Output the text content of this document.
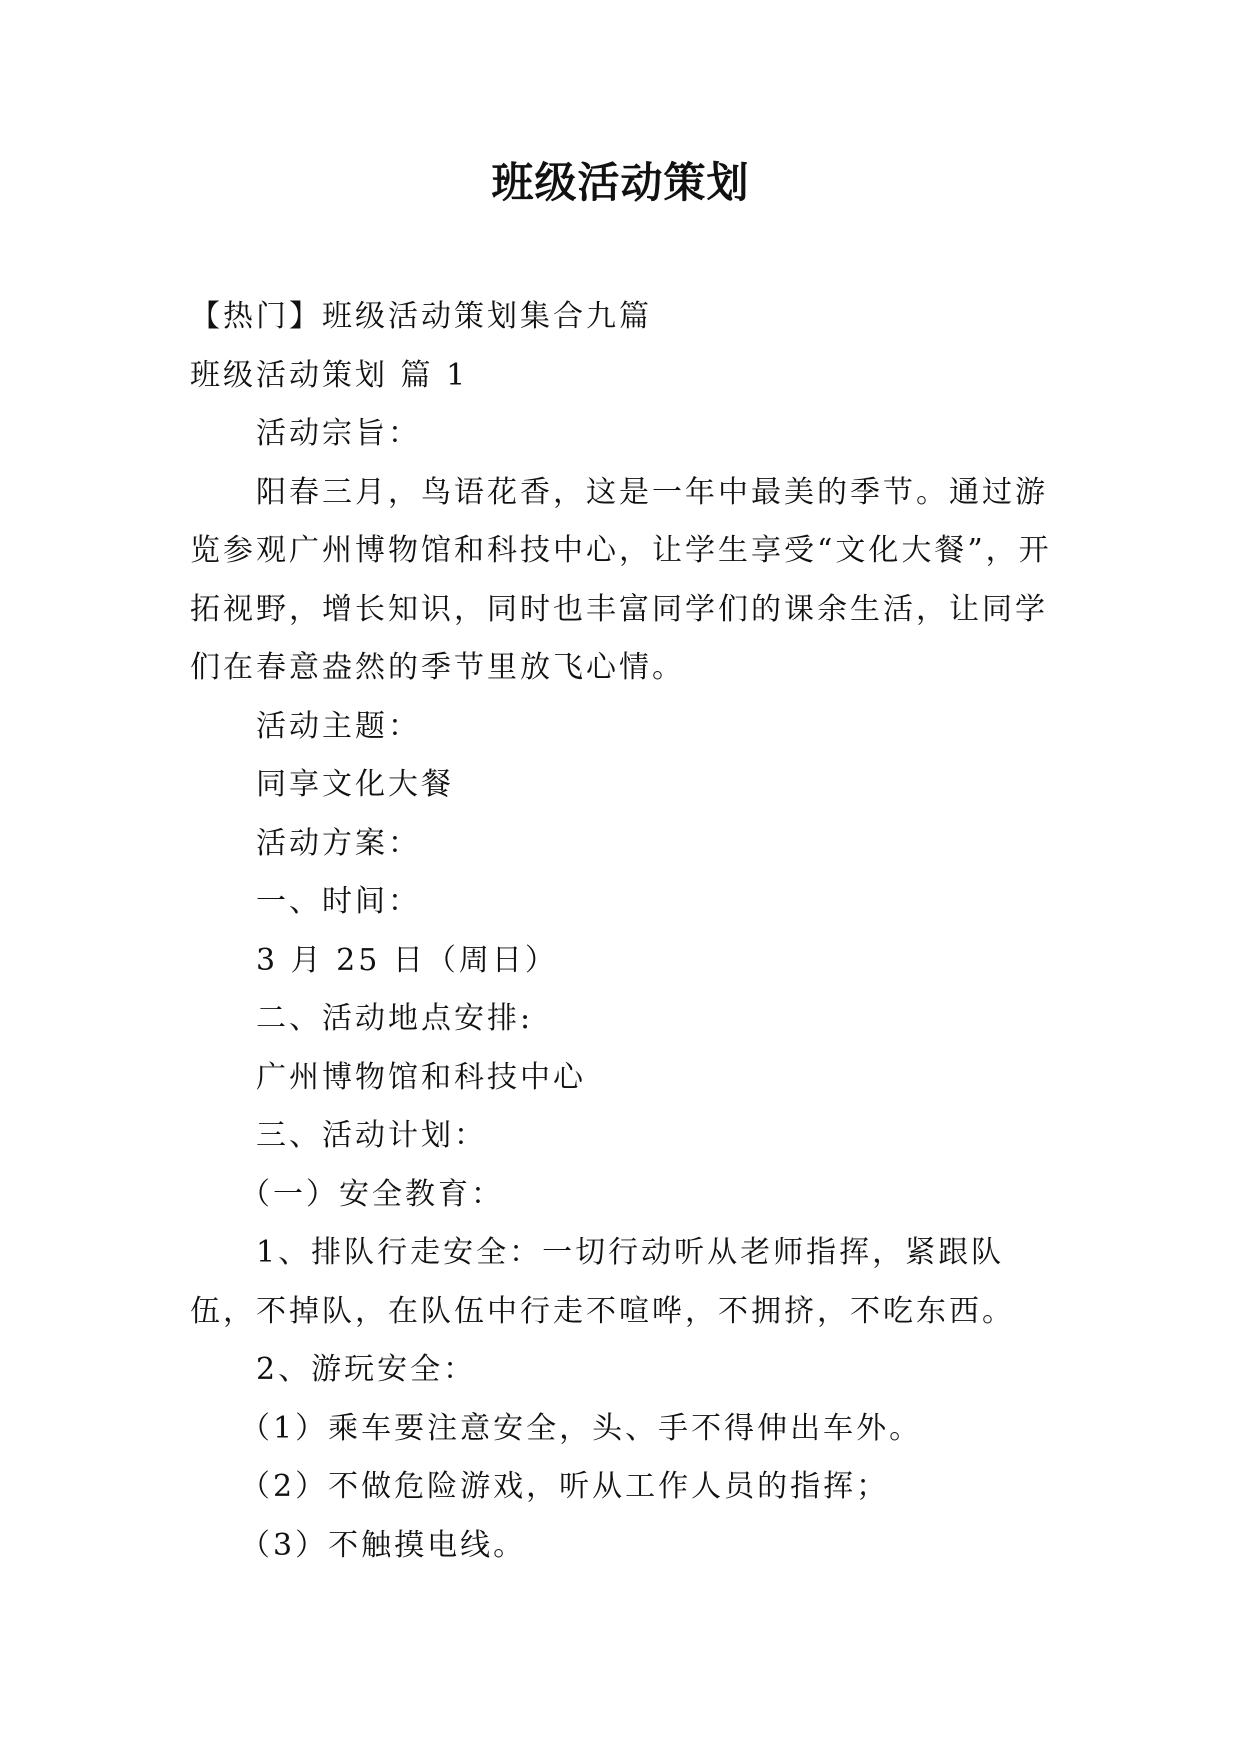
班级活动策划

【热门】班级活动策划集合九篇

班级活动策划 篇 1

活动宗旨：

阳春三月，鸟语花香，这是一年中最美的季节。通过游览参观广州博物馆和科技中心，让学生享受“文化大餐”，开拓视野，增长知识，同时也丰富同学们的课余生活，让同学们在春意盎然的季节里放飞心情。

活动主题：

同享文化大餐

活动方案：

一、时间：

3 月 25 日（周日）

二、活动地点安排:

广州博物馆和科技中心

三、活动计划：

（一）安全教育：

1、排队行走安全：一切行动听从老师指挥，紧跟队伍，不掉队，在队伍中行走不喧哗，不拥挤，不吃东西。

2、游玩安全：

（1）乘车要注意安全，头、手不得伸出车外。

（2）不做危险游戏，听从工作人员的指挥；

（3）不触摸电线。
